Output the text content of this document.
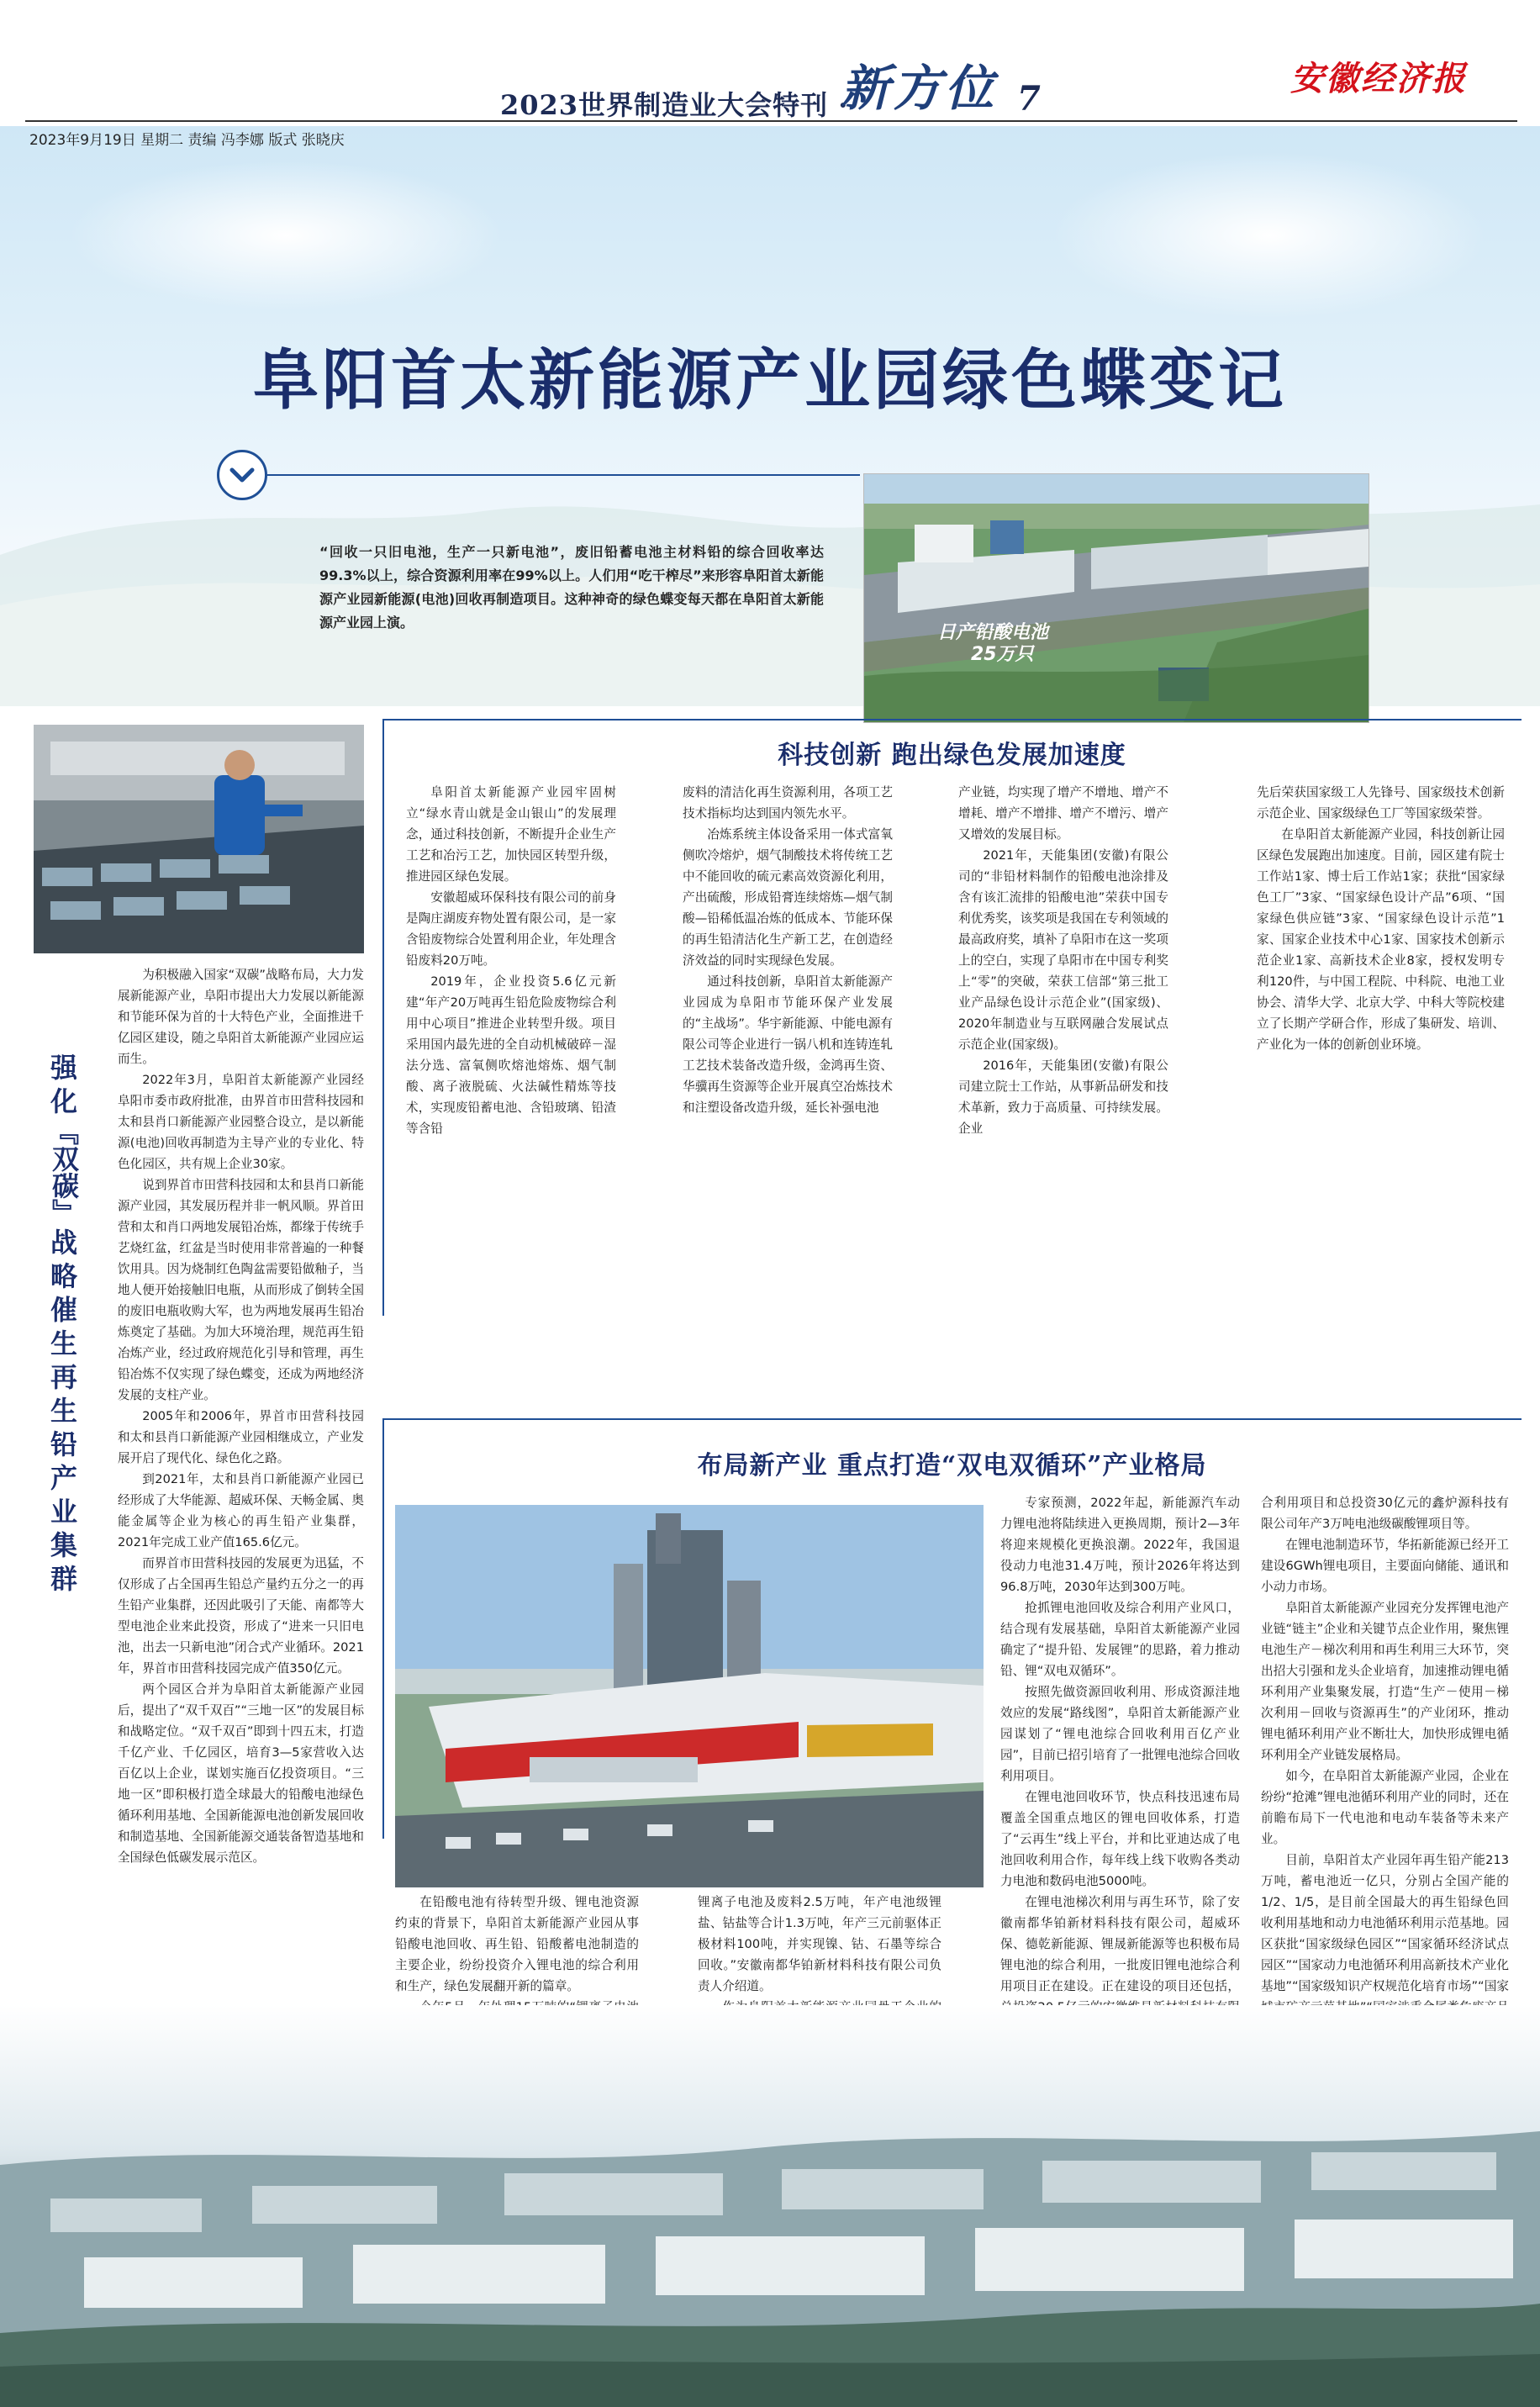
2023世界制造业大会特刊 ·
新方位 7
安徽经济报
2023年9月19日 星期二 责编 冯李娜 版式 张晓庆
阜阳首太新能源产业园绿色蝶变记
“回收一只旧电池，生产一只新电池”，废旧铅蓄电池主材料铅的综合回收率达99.3%以上，综合资源利用率在99%以上。人们用“吃干榨尽”来形容阜阳首太新能源产业园新能源(电池)回收再制造项目。这种神奇的绿色蝶变每天都在阜阳首太新能源产业园上演。	日产铅酸电池
25万只
强化
『双碳』
战略
催生再生铅产业集群

为积极融入国家“双碳”战略布局，大力发展新能源产业，阜阳市提出大力发展以新能源和节能环保为首的十大特色产业，全面推进千亿园区建设，随之阜阳首太新能源产业园应运而生。

2022年3月，阜阳首太新能源产业园经阜阳市委市政府批准，由界首市田营科技园和太和县肖口新能源产业园整合设立，是以新能源(电池)回收再制造为主导产业的专业化、特色化园区，共有规上企业30家。

说到界首市田营科技园和太和县肖口新能源产业园，其发展历程并非一帆风顺。界首田营和太和肖口两地发展铅冶炼，都缘于传统手艺烧红盆，红盆是当时使用非常普遍的一种餐饮用具。因为烧制红色陶盆需要铅做釉子，当地人便开始接触旧电瓶，从而形成了倒转全国的废旧电瓶收购大军，也为两地发展再生铅冶炼奠定了基础。为加大环境治理，规范再生铅冶炼产业，经过政府规范化引导和管理，再生铅冶炼不仅实现了绿色蝶变，还成为两地经济发展的支柱产业。

2005年和2006年，界首市田营科技园和太和县肖口新能源产业园相继成立，产业发展开启了现代化、绿色化之路。

到2021年，太和县肖口新能源产业园已经形成了大华能源、超威环保、天畅金属、奥能金属等企业为核心的再生铅产业集群，2021年完成工业产值165.6亿元。

而界首市田营科技园的发展更为迅猛，不仅形成了占全国再生铅总产量约五分之一的再生铅产业集群，还因此吸引了天能、南都等大型电池企业来此投资，形成了“进来一只旧电池，出去一只新电池”闭合式产业循环。2021年，界首市田营科技园完成产值350亿元。

两个园区合并为阜阳首太新能源产业园后，提出了“双千双百”“三地一区”的发展目标和战略定位。“双千双百”即到十四五末，打造千亿产业、千亿园区，培育3—5家营收入达百亿以上企业，谋划实施百亿投资项目。“三地一区”即积极打造全球最大的铅酸电池绿色循环利用基地、全国新能源电池创新发展回收和制造基地、全国新能源交通装备智造基地和全国绿色低碳发展示范区。

科技创新 跑出绿色发展加速度

阜阳首太新能源产业园牢固树立“绿水青山就是金山银山”的发展理念，通过科技创新，不断提升企业生产工艺和冶污工艺，加快园区转型升级，推进园区绿色发展。

安徽超威环保科技有限公司的前身是陶庄湖废弃物处置有限公司，是一家含铅废物综合处置利用企业，年处理含铅废料20万吨。

2019年，企业投资5.6亿元新建“年产20万吨再生铅危险废物综合利用中心项目”推进企业转型升级。项目采用国内最先进的全自动机械破碎－湿法分选、富氧侧吹熔池熔炼、烟气制酸、离子液脱硫、火法碱性精炼等技术，实现废铅蓄电池、含铅玻璃、铅渣等含铅

废料的清洁化再生资源利用，各项工艺技术指标均达到国内领先水平。

冶炼系统主体设备采用一体式富氧侧吹冷熔炉，烟气制酸技术将传统工艺中不能回收的硫元素高效资源化利用，产出硫酸，形成铅膏连续熔炼—烟气制酸—铅稀低温冶炼的低成本、节能环保的再生铅清洁化生产新工艺，在创造经济效益的同时实现绿色发展。

通过科技创新，阜阳首太新能源产业园成为阜阳市节能环保产业发展的“主战场”。华宇新能源、中能电源有限公司等企业进行一锅八机和连铸连轧工艺技术装备改造升级，金鸿再生资、华骥再生资源等企业开展真空冶炼技术和注塑设备改造升级，延长补强电池

产业链，均实现了增产不增地、增产不增耗、增产不增排、增产不增污、增产又增效的发展目标。

2021年，天能集团(安徽)有限公司的“非铅材料制作的铅酸电池涂排及含有该汇流排的铅酸电池”荣获中国专利优秀奖，该奖项是我国在专利领域的最高政府奖，填补了阜阳市在这一奖项上的空白，实现了阜阳市在中国专利奖上“零”的突破，荣获工信部“第三批工业产品绿色设计示范企业”(国家级)、2020年制造业与互联网融合发展试点示范企业(国家级)。

2016年，天能集团(安徽)有限公司建立院士工作站，从事新品研发和技术革新，致力于高质量、可持续发展。企业

先后荣获国家级工人先锋号、国家级技术创新示范企业、国家级绿色工厂等国家级荣誉。

在阜阳首太新能源产业园，科技创新让园区绿色发展跑出加速度。目前，园区建有院士工作站1家、博士后工作站1家；获批“国家绿色工厂”3家、“国家绿色设计产品”6项、“国家绿色供应链”3家、“国家绿色设计示范”1家、国家企业技术中心1家、国家技术创新示范企业1家、高新技术企业8家，授权发明专利120件，与中国工程院、中科院、电池工业协会、清华大学、北京大学、中科大等院校建立了长期产学研合作，形成了集研发、培训、产业化为一体的创新创业环境。

布局新产业 重点打造“双电双循环”产业格局

在铅酸电池有待转型升级、锂电池资源约束的背景下，阜阳首太新能源产业园从事铅酸电池回收、再生铅、铅酸蓄电池制造的主要企业，纷纷投资介入锂电池的综合利用和生产，绿色发展翻开新的篇章。

锂离子电池及废料2.5万吨，年产电池级锂盐、钴盐等合计1.3万吨，年产三元前驱体正极材料100吨，并实现镍、钴、石墨等综合回收。”安徽南都华铂新材料科技有限公司负责人介绍道。

专家预测，2022年起，新能源汽车动力锂电池将陆续进入更换周期，预计2—3年将迎来规模化更换浪潮。2022年，我国退役动力电池31.4万吨，预计2026年将达到96.8万吨，2030年达到300万吨。

抢抓锂电池回收及综合利用产业风口，结合现有发展基础，阜阳首太新能源产业园确定了“提升铅、发展锂”的思路，着力推动铅、锂“双电双循环”。

按照先做资源回收利用、形成资源洼地效应的发展“路线图”，阜阳首太新能源产业园谋划了“锂电池综合回收利用百亿产业园”，目前已招引培育了一批锂电池综合回收利用项目。

在锂电池回收环节，快点科技迅速布局覆盖全国重点地区的锂电回收体系，打造了“云再生”线上平台，并和比亚迪达成了电池回收利用合作，每年线上线下收购各类动力电池和数码电池5000吨。

在锂电池梯次利用与再生环节，除了安徽南都华铂新材料科技有限公司，超威环保、德乾新能源、锂晟新能源等也积极布局锂电池的综合利用，一批废旧锂电池综合利用项目正在建设。正在建设的项目还包括，

合利用项目和总投资30亿元的鑫炉源科技有限公司年产3万吨电池级碳酸锂项目等。

在锂电池制造环节，华拓新能源已经开工建设6GWh锂电项目，主要面向储能、通讯和小动力市场。

阜阳首太新能源产业园充分发挥锂电池产业链“链主”企业和关键节点企业作用，聚焦锂电池生产－梯次利用和再生利用三大环节，突出招大引强和龙头企业培育，加速推动锂电循环利用产业集聚发展，打造“生产－使用－梯次利用－回收与资源再生”的产业闭环，推动锂电循环利用产业不断壮大，加快形成锂电循环利用全产业链发展格局。

如今，在阜阳首太新能源产业园，企业在纷纷“抢滩”锂电池循环利用产业的同时，还在前瞻布局下一代电池和电动车装备等未来产业。

目前，阜阳首太产业园年再生铅产能213万吨，蓄电池近一亿只，分别占全国产能的1/2、1/5，是目前全国最大的再生铅绿色回收利用基地和动力电池循环利用示范基地。园区获批“国家级绿色园区”“国家循环经济试点园区”“国家动力电池循环利用高新技术产业化基地”“国家级知识产权规范化培育市场”“国家
